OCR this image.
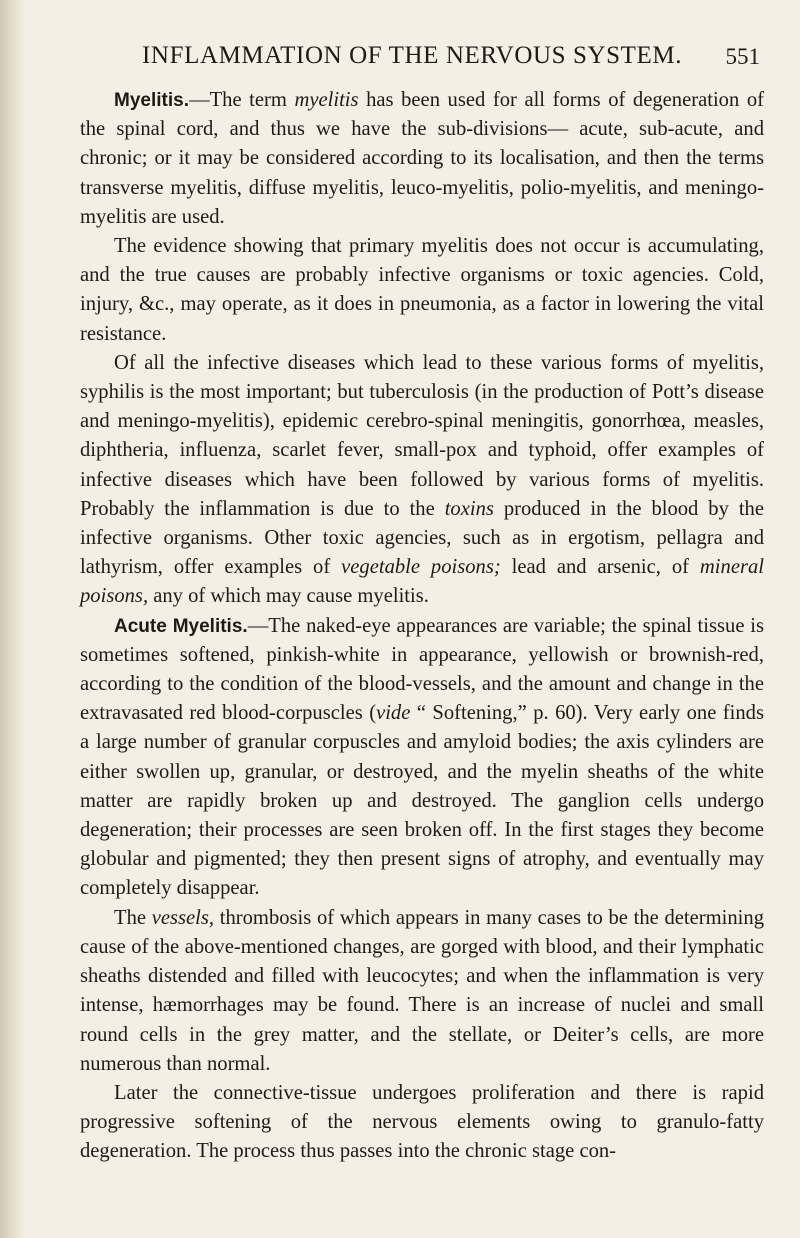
INFLAMMATION OF THE NERVOUS SYSTEM. 551

Myelitis.—The term myelitis has been used for all forms of degeneration of the spinal cord, and thus we have the sub-divisions— acute, sub-acute, and chronic; or it may be considered according to its localisation, and then the terms transverse myelitis, diffuse myelitis, leuco-myelitis, polio-myelitis, and meningo-myelitis are used.

The evidence showing that primary myelitis does not occur is accumulating, and the true causes are probably infective organisms or toxic agencies. Cold, injury, &c., may operate, as it does in pneumonia, as a factor in lowering the vital resistance.

Of all the infective diseases which lead to these various forms of myelitis, syphilis is the most important; but tuberculosis (in the production of Pott’s disease and meningo-myelitis), epidemic cerebro-spinal meningitis, gonorrhœa, measles, diphtheria, influenza, scarlet fever, small-pox and typhoid, offer examples of infective diseases which have been followed by various forms of myelitis. Probably the inflammation is due to the toxins produced in the blood by the infective organisms. Other toxic agencies, such as in ergotism, pellagra and lathyrism, offer examples of vegetable poisons; lead and arsenic, of mineral poisons, any of which may cause myelitis.

Acute Myelitis.—The naked-eye appearances are variable; the spinal tissue is sometimes softened, pinkish-white in appearance, yellowish or brownish-red, according to the condition of the blood-vessels, and the amount and change in the extravasated red blood-corpuscles (vide “ Softening,” p. 60). Very early one finds a large number of granular corpuscles and amyloid bodies; the axis cylinders are either swollen up, granular, or destroyed, and the myelin sheaths of the white matter are rapidly broken up and destroyed. The ganglion cells undergo degeneration; their processes are seen broken off. In the first stages they become globular and pigmented; they then present signs of atrophy, and eventually may completely disappear.

The vessels, thrombosis of which appears in many cases to be the determining cause of the above-mentioned changes, are gorged with blood, and their lymphatic sheaths distended and filled with leucocytes; and when the inflammation is very intense, hæmorrhages may be found. There is an increase of nuclei and small round cells in the grey matter, and the stellate, or Deiter’s cells, are more numerous than normal.

Later the connective-tissue undergoes proliferation and there is rapid progressive softening of the nervous elements owing to granulo-fatty degeneration. The process thus passes into the chronic stage con-
